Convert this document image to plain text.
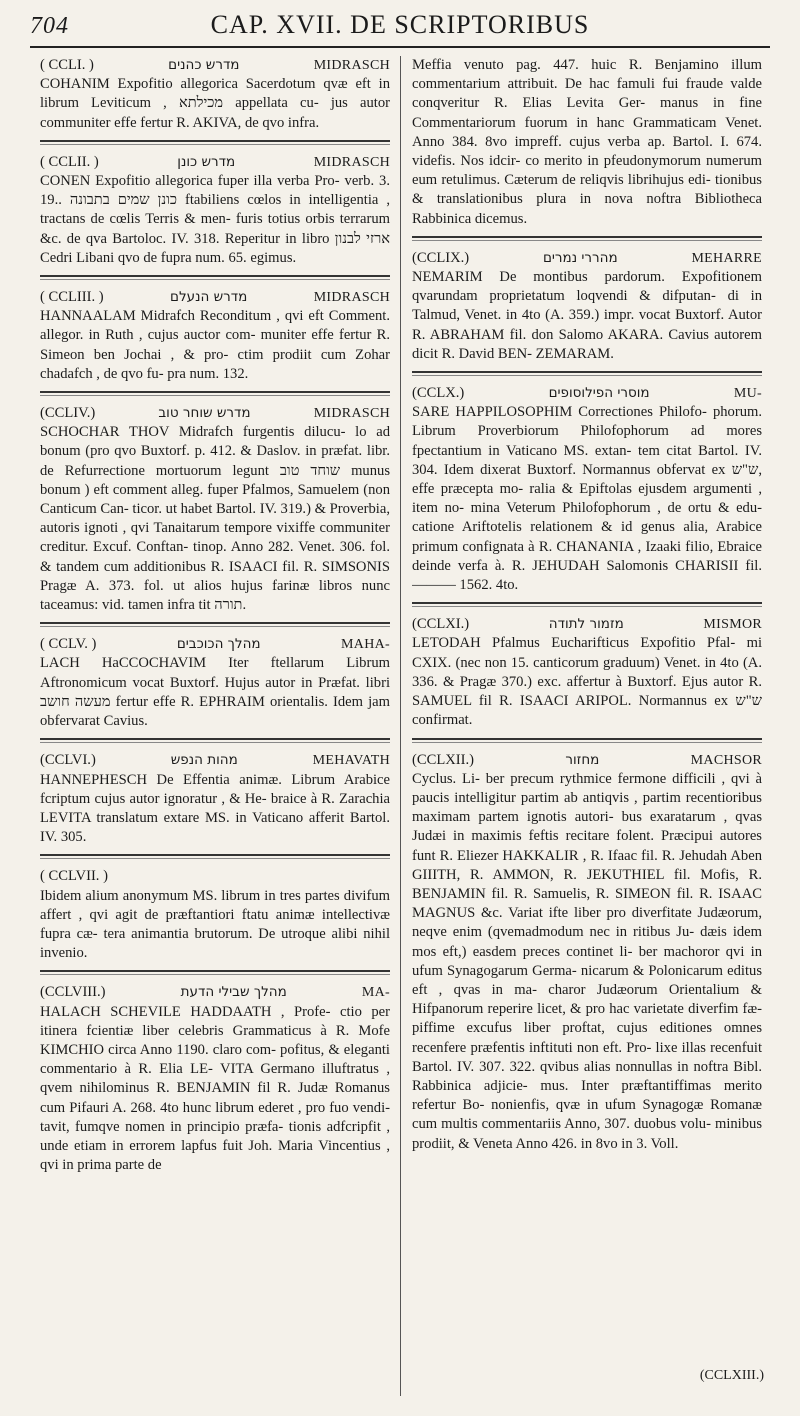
704	CAP. XVII. DE SCRIPTORIBUS
( CCLI. )	מדרש כהנים	MIDRASCH

COHANIM Expofitio allegorica Sacerdotum qvæ eft in librum Leviticum , מכילתא appellata cu- jus autor communiter effe fertur R. AKIVA, de qvo infra.

( CCLII. )	מדרש כונן	MIDRASCH

CONEN Expofitio allegorica fuper illa verba Pro- verb. 3. 19.. כונן שמים בתבונה ftabiliens cœlos in intelligentia , tractans de cœlis Terris & men- furis totius orbis terrarum &c. de qva Bartoloc. IV. 318. Reperitur in libro ארזי לבנון Cedri Libani qvo de fupra num. 65. egimus.

( CCLIII. )	מדרש הנעלם	MIDRASCH

HANNAALAM Midrafch Reconditum , qvi eft Comment. allegor. in Ruth , cujus auctor com- muniter effe fertur R. Simeon ben Jochai , & pro- ctim prodiit cum Zohar chadafch , de qvo fu- pra num. 132.

(CCLIV.)	מדרש שוחר טוב	MIDRASCH

SCHOCHAR THOV Midrafch furgentis dilucu- lo ad bonum (pro qvo Buxtorf. p. 412. & Daslov. in præfat. libr. de Refurrectione mortuorum legunt שוחד טוב munus bonum ) eft comment alleg. fuper Pfalmos, Samuelem (non Canticum Can- ticor. ut habet Bartol. IV. 319.) & Proverbia, autoris ignoti , qvi Tanaitarum tempore vixiffe communiter creditur. Excuf. Conftan- tinop. Anno 282. Venet. 306. fol. & tandem cum additionibus R. ISAACI fil. R. SIMSONIS Pragæ A. 373. fol. ut alios hujus farinæ libros nunc taceamus: vid. tamen infra tit תורה.

( CCLV. )	מהלך הכוכבים	MAHA-

LACH HaCCOCHAVIM Iter ftellarum Librum Aftronomicum vocat Buxtorf. Hujus autor in Præfat. libri מעשה חושב fertur effe R. EPHRAIM orientalis. Idem jam obfervarat Cavius.

(CCLVI.)	מהות הנפש	MEHAVATH

HANNEPHESCH De Effentia animæ. Librum Arabice fcriptum cujus autor ignoratur , & He- braice à R. Zarachia LEVITA translatum extare MS. in Vaticano afferit Bartol. IV. 305.

( CCLVII. )

Ibidem alium anonymum MS. librum in tres partes divifum affert , qvi agit de præftantiori ftatu animæ intellectivæ fupra cæ- tera animantia brutorum. De utroque alibi nihil invenio.

(CCLVIII.)	מהלך שבילי הדעת	MA-

HALACH SCHEVILE HADDAATH , Profe- ctio per itinera fcientiæ liber celebris Grammaticus à R. Mofe KIMCHIO circa Anno 1190. claro com- pofitus, & eleganti commentario à R. Elia LE- VITA Germano illuftratus , qvem nihilominus R. BENJAMIN fil R. Judæ Romanus cum Pifauri A. 268. 4to hunc librum ederet , pro fuo vendi- tavit, fumqve nomen in principio præfa- tionis adfcripfit , unde etiam in errorem lapfus fuit Joh. Maria Vincentius , qvi in prima parte de

Meffia venuto pag. 447. huic R. Benjamino illum commentarium attribuit. De hac famuli fui fraude valde conqveritur R. Elias Levita Ger- manus in fine Commentariorum fuorum in hanc Grammaticam Venet. Anno 384. 8vo impreff. cujus verba ap. Bartol. I. 674. videfis. Nos idcir- co merito in pfeudonymorum numerum eum retulimus. Cæterum de reliqvis librihujus edi- tionibus & translationibus plura in nova noftra Bibliotheca Rabbinica dicemus.

(CCLIX.)	מהררי נמרים	MEHARRE

NEMARIM De montibus pardorum. Expofitionem qvarundam proprietatum loqvendi & difputan- di in Talmud, Venet. in 4to (A. 359.) impr. vocat Buxtorf. Autor R. ABRAHAM fil. don Salomo AKARA. Cavius autorem dicit R. David BEN- ZEMARAM.

(CCLX.)	מוסרי הפילוסופים	MU-

SARE HAPPILOSOPHIM Correctiones Philofo- phorum. Librum Proverbiorum Philofophorum ad mores fpectantium in Vaticano MS. extan- tem citat Bartol. IV. 304. Idem dixerat Buxtorf. Normannus obfervat ex ש"ש, effe præcepta mo- ralia & Epiftolas ejusdem argumenti , item no- mina Veterum Philofophorum , de ortu & edu- catione Ariftotelis relationem & id genus alia, Arabice primum confignata à R. CHANANIA , Izaaki filio, Ebraice deinde verfa à. R. JEHUDAH Salomonis CHARISII fil. ——— 1562. 4to.

(CCLXI.)	מזמור לתודה	MISMOR

LETODAH Pfalmus Eucharifticus Expofitio Pfal- mi CXIX. (nec non 15. canticorum graduum) Venet. in 4to (A. 336. & Pragæ 370.) exc. affertur à Buxtorf. Ejus autor R. SAMUEL fil R. ISAACI ARIPOL. Normannus ex ש"ש confirmat.

(CCLXII.)	מחזור	MACHSOR

Cyclus. Li- ber precum rythmice fermone difficili , qvi à paucis intelligitur partim ab antiqvis , partim recentioribus maximam partem ignotis autori- bus exaratarum , qvas Judæi in maximis feftis recitare folent. Præcipui autores funt R. Eliezer HAKKALIR , R. Ifaac fil. R. Jehudah Aben GIIITH, R. AMMON, R. JEKUTHIEL fil. Mofis, R. BENJAMIN fil. R. Samuelis, R. SIMEON fil. R. ISAAC MAGNUS &c. Variat ifte liber pro diverfitate Judæorum, neqve enim (qvemadmodum nec in ritibus Ju- dæis idem mos eft,) easdem preces continet li- ber machoror qvi in ufum Synagogarum Germa- nicarum & Polonicarum editus eft , qvas in ma- charor Judæorum Orientalium & Hifpanorum reperire licet, & pro hac varietate diverfim fæ- piffime excufus liber proftat, cujus editiones omnes recenfere præfentis inftituti non eft. Pro- lixe illas recenfuit Bartol. IV. 307. 322. qvibus alias nonnullas in noftra Bibl. Rabbinica adjicie- mus. Inter præftantiffimas merito refertur Bo- nonienfis, qvæ in ufum Synagogæ Romanæ cum multis commentariis Anno, 307. duobus volu- minibus prodiit, & Veneta Anno 426. in 8vo in 3. Voll.

(CCLXIII.)
